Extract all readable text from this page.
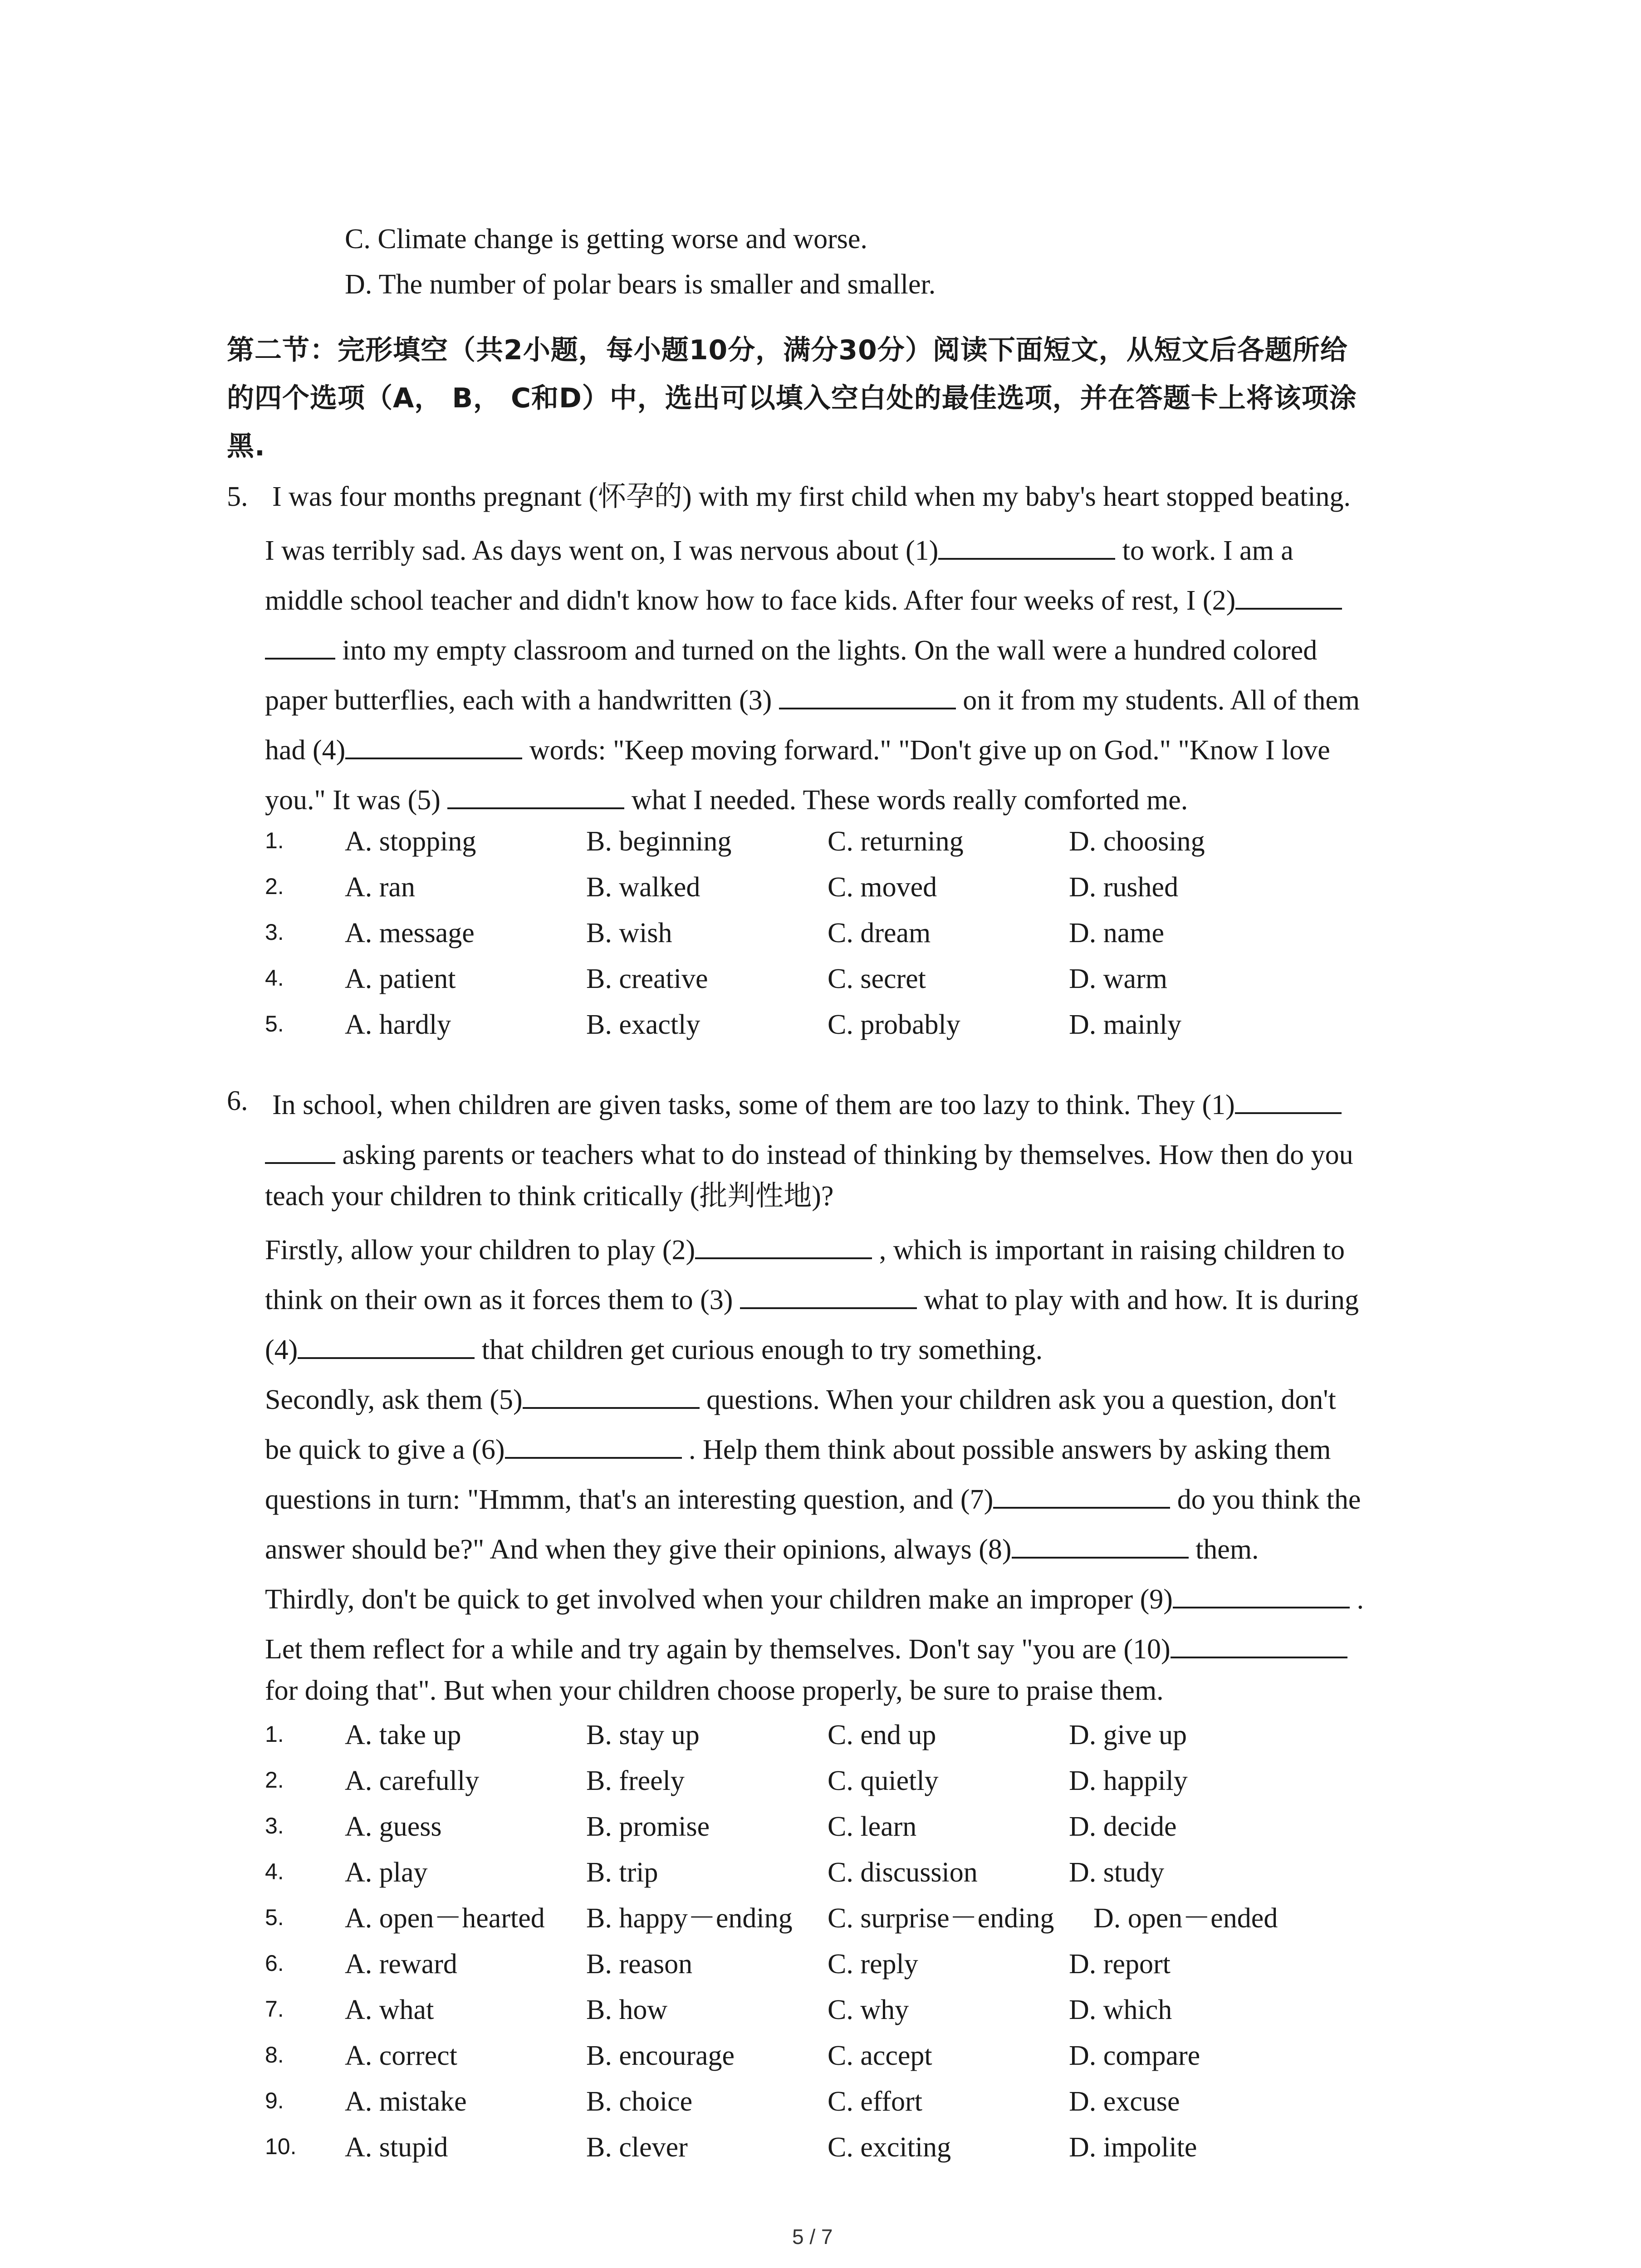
C. Climate change is getting worse and worse.
D. The number of polar bears is smaller and smaller.
第二节：完形填空（共2小题，每小题10分，满分30分）阅读下面短文，从短文后各题所给
的四个选项（A， B， C和D）中，选出可以填入空白处的最佳选项，并在答题卡上将该项涂
黑.
5. I was four months pregnant (怀孕的) with my first child when my baby's heart stopped beating.
I was terribly sad. As days went on, I was nervous about (1)	to work. I am a
middle school teacher and didn't know how to face kids. After four weeks of rest, I (2)
into my empty classroom and turned on the lights. On the wall were a hundred colored
paper butterflies, each with a handwritten (3)	on it from my students. All of them
had (4)	words: "Keep moving forward." "Don't give up on God." "Know I love
you." It was (5)	what I needed. These words really comforted me.
1. A. stopping	B. beginning	C. returning	D. choosing
2. A. ran	B. walked	C. moved	D. rushed
3. A. message	B. wish	C. dream	D. name
4. A. patient	B. creative	C. secret	D. warm
5. A. hardly	B. exactly	C. probably	D. mainly
6. In school, when children are given tasks, some of them are too lazy to think. They (1)
asking parents or teachers what to do instead of thinking by themselves. How then do you
teach your children to think critically (批判性地)?
Firstly, allow your children to play (2)	, which is important in raising children to
think on their own as it forces them to (3)	what to play with and how. It is during
(4)	that children get curious enough to try something.
Secondly, ask them (5)	questions. When your children ask you a question, don't
be quick to give a (6)	. Help them think about possible answers by asking them
questions in turn: "Hmmm, that's an interesting question, and (7)	do you think the
answer should be?" And when they give their opinions, always (8)	them.
Thirdly, don't be quick to get involved when your children make an improper (9)	.
Let them reflect for a while and try again by themselves. Don't say "you are (10)
for doing that". But when your children choose properly, be sure to praise them.
1. A. take up	B. stay up	C. end up	D. give up
2. A. carefully	B. freely	C. quietly	D. happily
3. A. guess	B. promise	C. learn	D. decide
4. A. play	B. trip	C. discussion	D. study
5. A. open－hearted B. happy－ending C. surprise－ending D. open－ended
6. A. reward	B. reason	C. reply	D. report
7. A. what	B. how	C. why	D. which
8. A. correct	B. encourage	C. accept	D. compare
9. A. mistake	B. choice	C. effort	D. excuse
10. A. stupid	B. clever	C. exciting	D. impolite
5 / 7
